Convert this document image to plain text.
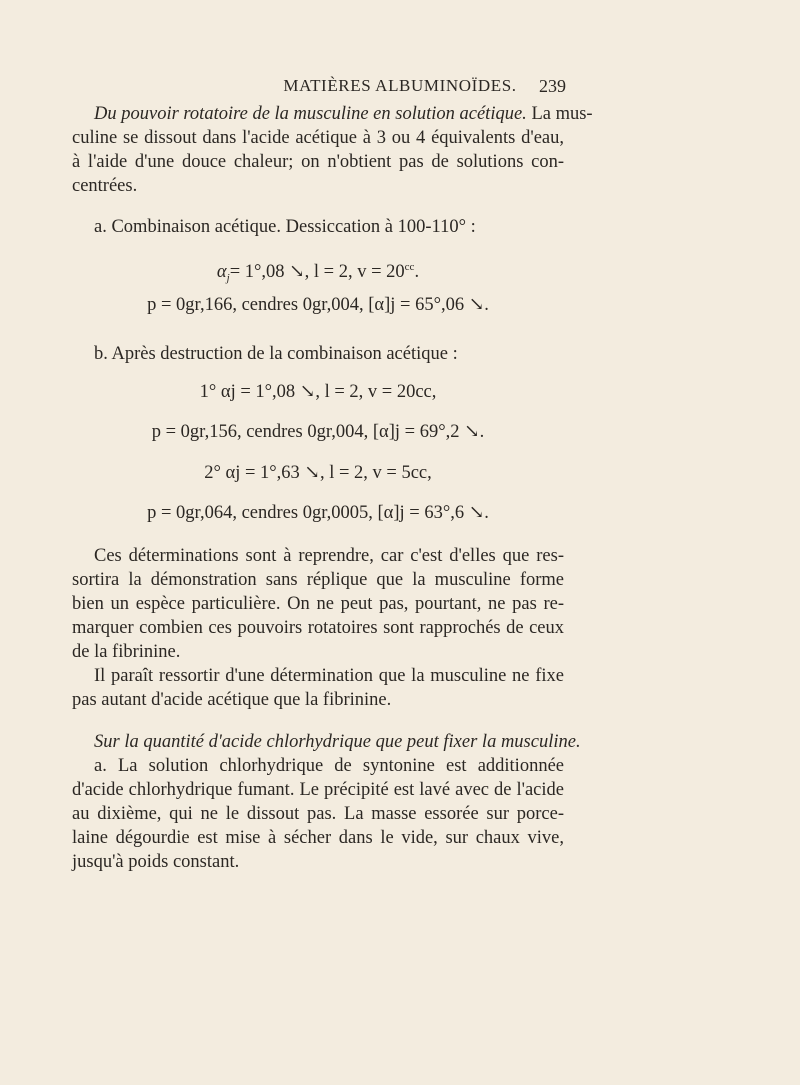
MATIÈRES ALBUMINOÏDES.	239
Du pouvoir rotatoire de la musculine en solution acétique. La mus-
culine se dissout dans l'acide acétique à 3 ou 4 équivalents d'eau,
à l'aide d'une douce chaleur; on n'obtient pas de solutions con-
centrées.
a. Combinaison acétique. Dessiccation à 100-110° :
$\alpha_j= 1^\circ,08$ ↘, l = 2, $v = 20^{cc}$.
p = 0gr,166, cendres 0gr,004, [α]j = 65°,06 ↘.
b. Après destruction de la combinaison acétique :
1° αj = 1°,08 ↘, l = 2, v = 20cc,
p = 0gr,156, cendres 0gr,004, [α]j = 69°,2 ↘.
2° αj = 1°,63 ↘, l = 2, v = 5cc,
p = 0gr,064, cendres 0gr,0005, [α]j = 63°,6 ↘.
Ces déterminations sont à reprendre, car c'est d'elles que res-
sortira la démonstration sans réplique que la musculine forme
bien un espèce particulière. On ne peut pas, pourtant, ne pas re-
marquer combien ces pouvoirs rotatoires sont rapprochés de ceux
de la fibrinine.
Il paraît ressortir d'une détermination que la musculine ne fixe
pas autant d'acide acétique que la fibrinine.
Sur la quantité d'acide chlorhydrique que peut fixer la musculine.
a. La solution chlorhydrique de syntonine est additionnée
d'acide chlorhydrique fumant. Le précipité est lavé avec de l'acide
au dixième, qui ne le dissout pas. La masse essorée sur porce-
laine dégourdie est mise à sécher dans le vide, sur chaux vive,
jusqu'à poids constant.
